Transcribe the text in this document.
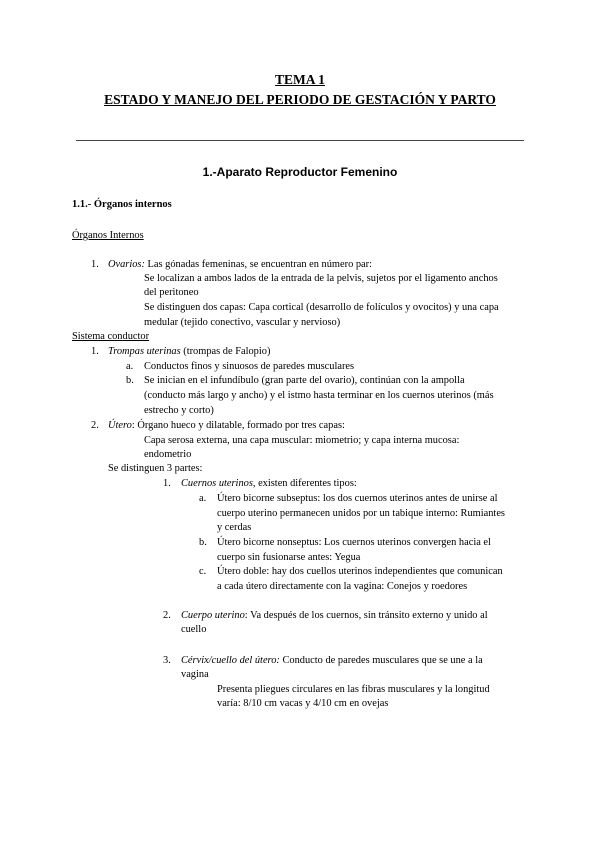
TEMA 1
ESTADO Y MANEJO DEL PERIODO DE GESTACIÓN Y PARTO
1.-Aparato Reproductor Femenino
1.1.- Órganos internos
Órganos Internos
1. Ovarios: Las gónadas femeninas, se encuentran en número par:
Se localizan a ambos lados de la entrada de la pelvis, sujetos por el ligamento anchos
del peritoneo
Se distinguen dos capas: Capa cortical (desarrollo de folículos y ovocitos) y una capa
medular (tejido conectivo, vascular y nervioso)
Sistema conductor
1. Trompas uterinas (trompas de Falopio)
a. Conductos finos y sinuosos de paredes musculares
b. Se inician en el infundíbulo (gran parte del ovario), continúan con la ampolla
(conducto más largo y ancho) y el istmo hasta terminar en los cuernos uterinos (más
estrecho y corto)
2. Útero: Órgano hueco y dilatable, formado por tres capas:
Capa serosa externa, una capa muscular: miometrio; y capa interna mucosa:
endometrio
Se distinguen 3 partes:
1. Cuernos uterinos, existen diferentes tipos:
a. Útero bicorne subseptus: los dos cuernos uterinos antes de unirse al
cuerpo uterino permanecen unidos por un tabique interno: Rumiantes
y cerdas
b. Útero bicorne nonseptus: Los cuernos uterinos convergen hacia el
cuerpo sin fusionarse antes: Yegua
c. Útero doble: hay dos cuellos uterinos independientes que comunican
a cada útero directamente con la vagina: Conejos y roedores
2. Cuerpo uterino: Va después de los cuernos, sin tránsito externo y unido al
cuello
3. Cérvix/cuello del útero: Conducto de paredes musculares que se une a la
vagina
Presenta pliegues circulares en las fibras musculares y la longitud
varía: 8/10 cm vacas y 4/10 cm en ovejas
